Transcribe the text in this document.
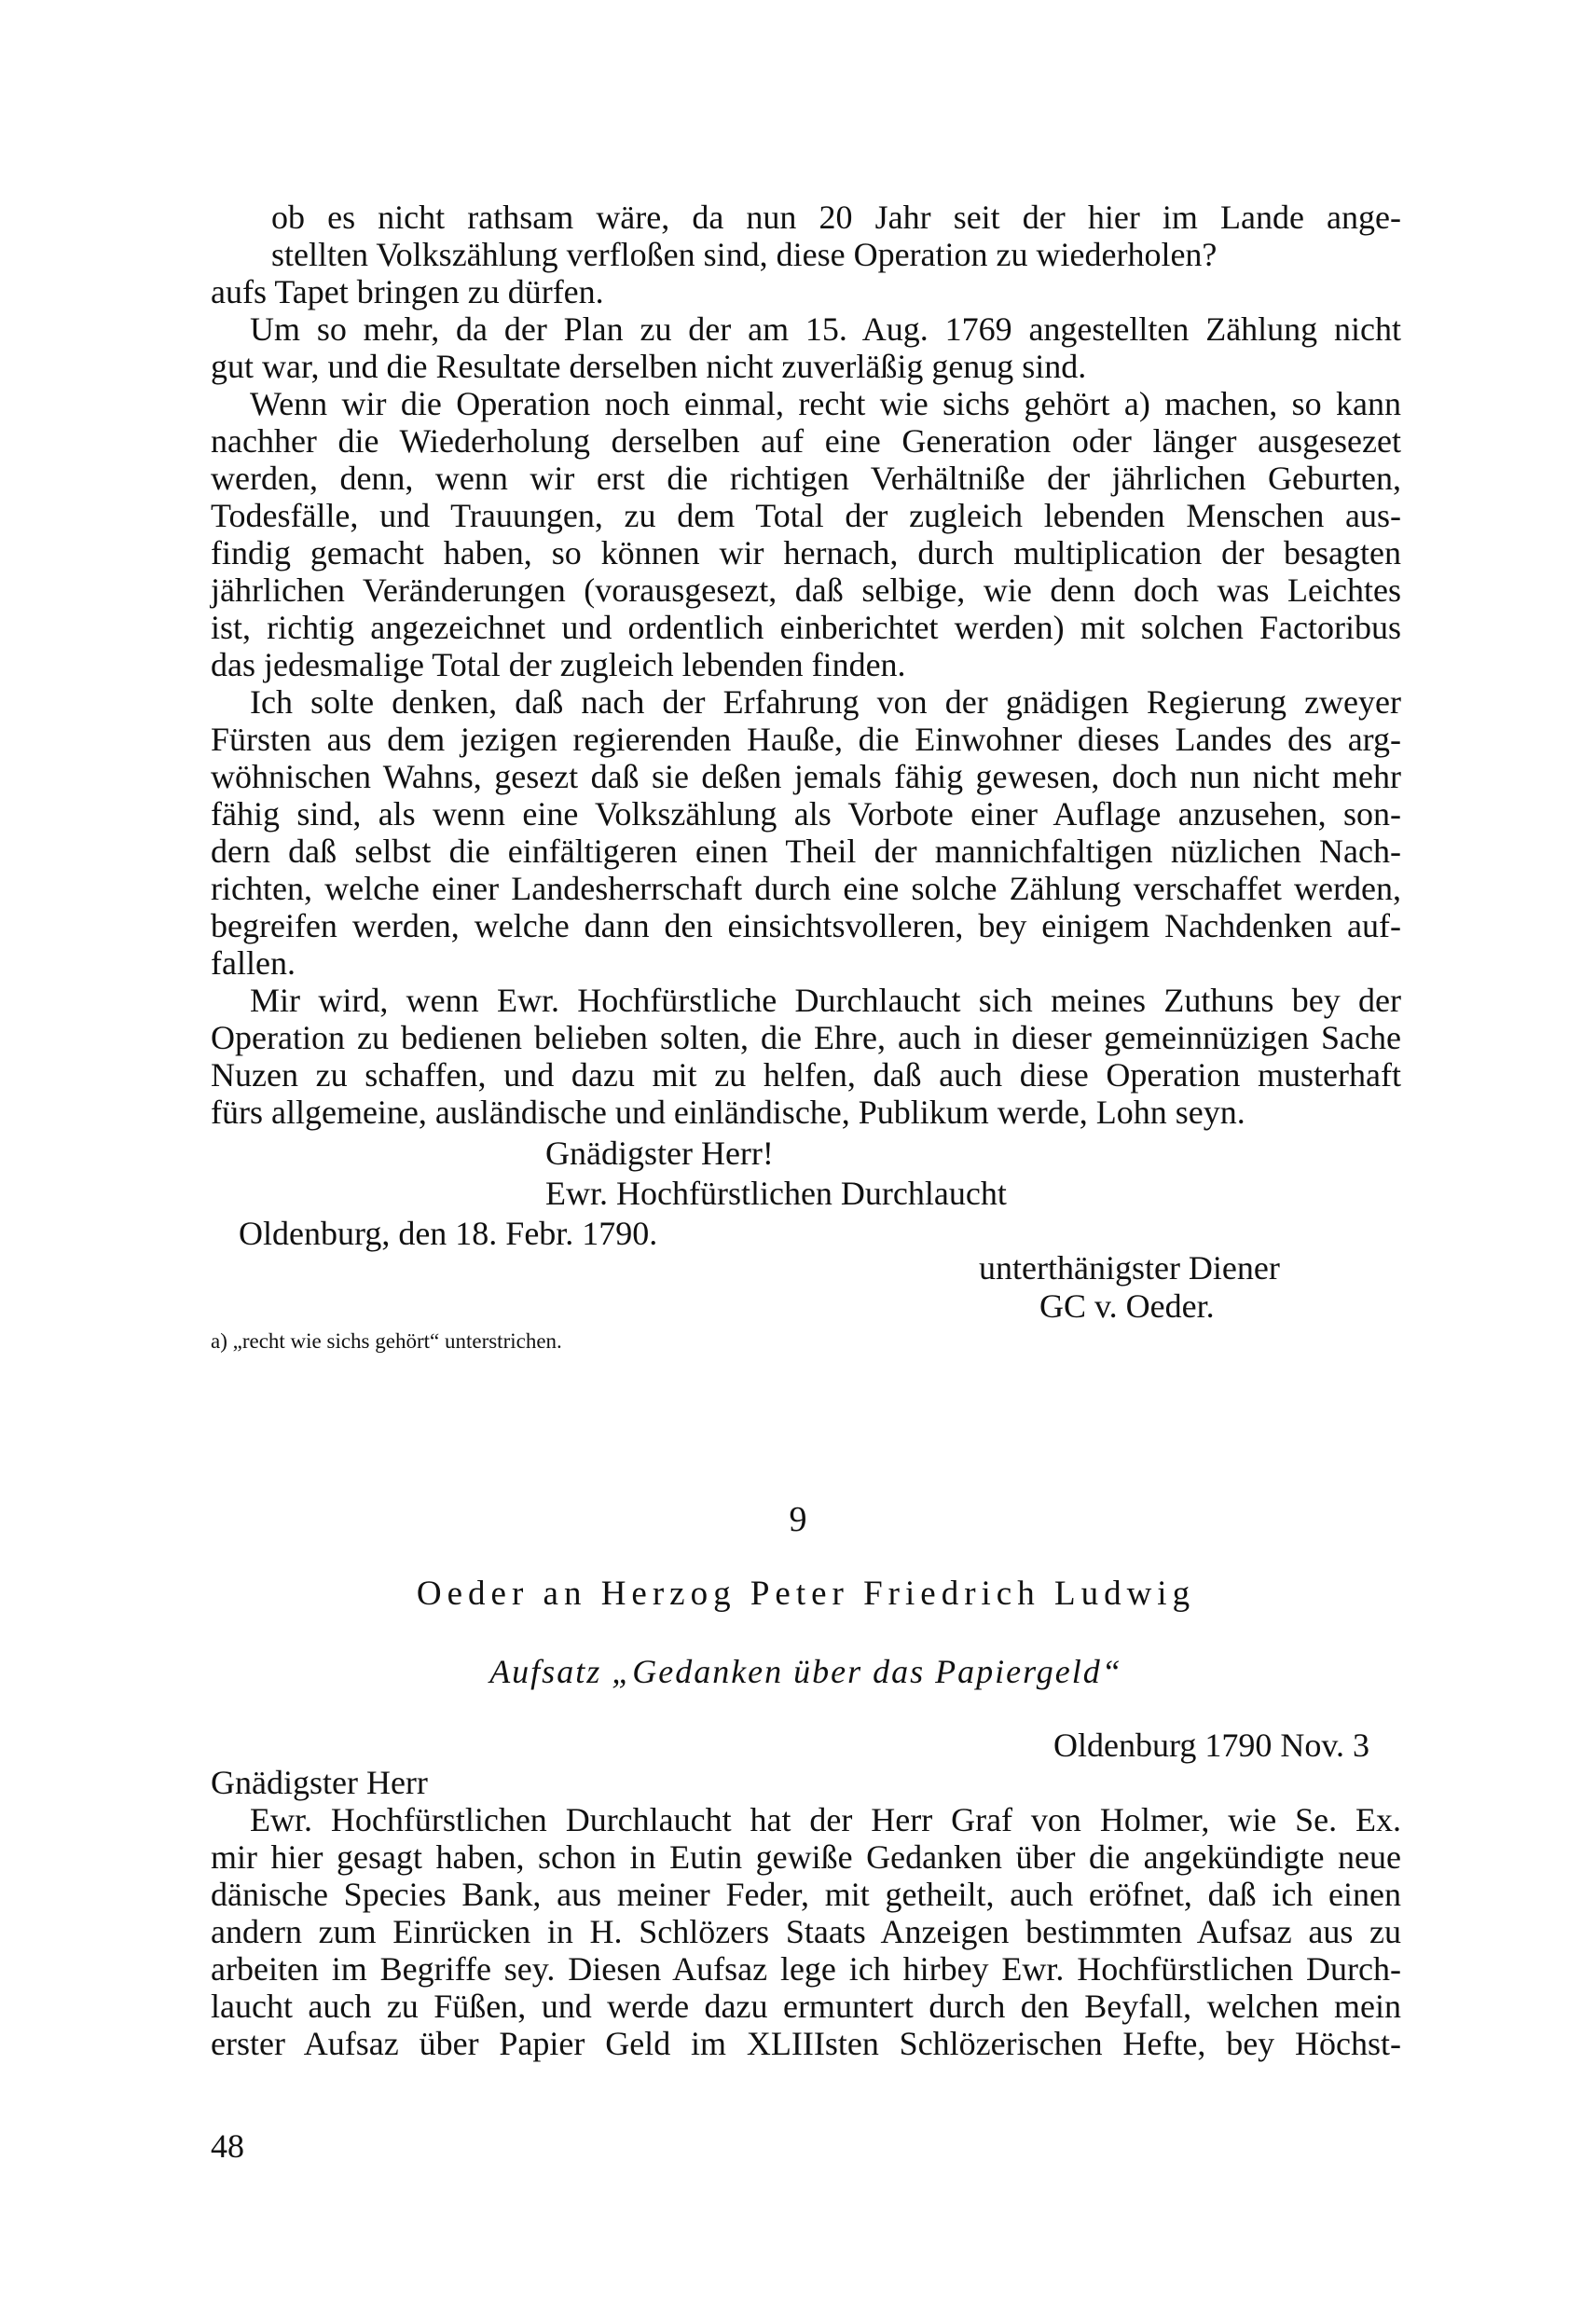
ob es nicht rathsam wäre, da nun 20 Jahr seit der hier im Lande ange-
stellten Volkszählung verfloßen sind, diese Operation zu wiederholen?
aufs Tapet bringen zu dürfen.
Um so mehr, da der Plan zu der am 15. Aug. 1769 angestellten Zählung nicht
gut war, und die Resultate derselben nicht zuverläßig genug sind.
Wenn wir die Operation noch einmal, recht wie sichs gehört a) machen, so kann
nachher die Wiederholung derselben auf eine Generation oder länger ausgesezet
werden, denn, wenn wir erst die richtigen Verhältniße der jährlichen Geburten,
Todesfälle, und Trauungen, zu dem Total der zugleich lebenden Menschen aus-
findig gemacht haben, so können wir hernach, durch multiplication der besagten
jährlichen Veränderungen (vorausgesezt, daß selbige, wie denn doch was Leichtes
ist, richtig angezeichnet und ordentlich einberichtet werden) mit solchen Factoribus
das jedesmalige Total der zugleich lebenden finden.
Ich solte denken, daß nach der Erfahrung von der gnädigen Regierung zweyer
Fürsten aus dem jezigen regierenden Hauße, die Einwohner dieses Landes des arg-
wöhnischen Wahns, gesezt daß sie deßen jemals fähig gewesen, doch nun nicht mehr
fähig sind, als wenn eine Volkszählung als Vorbote einer Auflage anzusehen, son-
dern daß selbst die einfältigeren einen Theil der mannichfaltigen nüzlichen Nach-
richten, welche einer Landesherrschaft durch eine solche Zählung verschaffet werden,
begreifen werden, welche dann den einsichtsvolleren, bey einigem Nachdenken auf-
fallen.
Mir wird, wenn Ewr. Hochfürstliche Durchlaucht sich meines Zuthuns bey der
Operation zu bedienen belieben solten, die Ehre, auch in dieser gemeinnüzigen Sache
Nuzen zu schaffen, und dazu mit zu helfen, daß auch diese Operation musterhaft
fürs allgemeine, ausländische und einländische, Publikum werde, Lohn seyn.
Gnädigster Herr!
Ewr. Hochfürstlichen Durchlaucht
Oldenburg, den 18. Febr. 1790.
unterthänigster Diener
GC v. Oeder.
a) „recht wie sichs gehört“ unterstrichen.
9
Oeder an Herzog Peter Friedrich Ludwig
Aufsatz „Gedanken über das Papiergeld“
Oldenburg 1790 Nov. 3
Gnädigster Herr
Ewr. Hochfürstlichen Durchlaucht hat der Herr Graf von Holmer, wie Se. Ex.
mir hier gesagt haben, schon in Eutin gewiße Gedanken über die angekündigte neue
dänische Species Bank, aus meiner Feder, mit getheilt, auch eröfnet, daß ich einen
andern zum Einrücken in H. Schlözers Staats Anzeigen bestimmten Aufsaz aus zu
arbeiten im Begriffe sey. Diesen Aufsaz lege ich hirbey Ewr. Hochfürstlichen Durch-
laucht auch zu Füßen, und werde dazu ermuntert durch den Beyfall, welchen mein
erster Aufsaz über Papier Geld im XLIIIsten Schlözerischen Hefte, bey Höchst-
48
